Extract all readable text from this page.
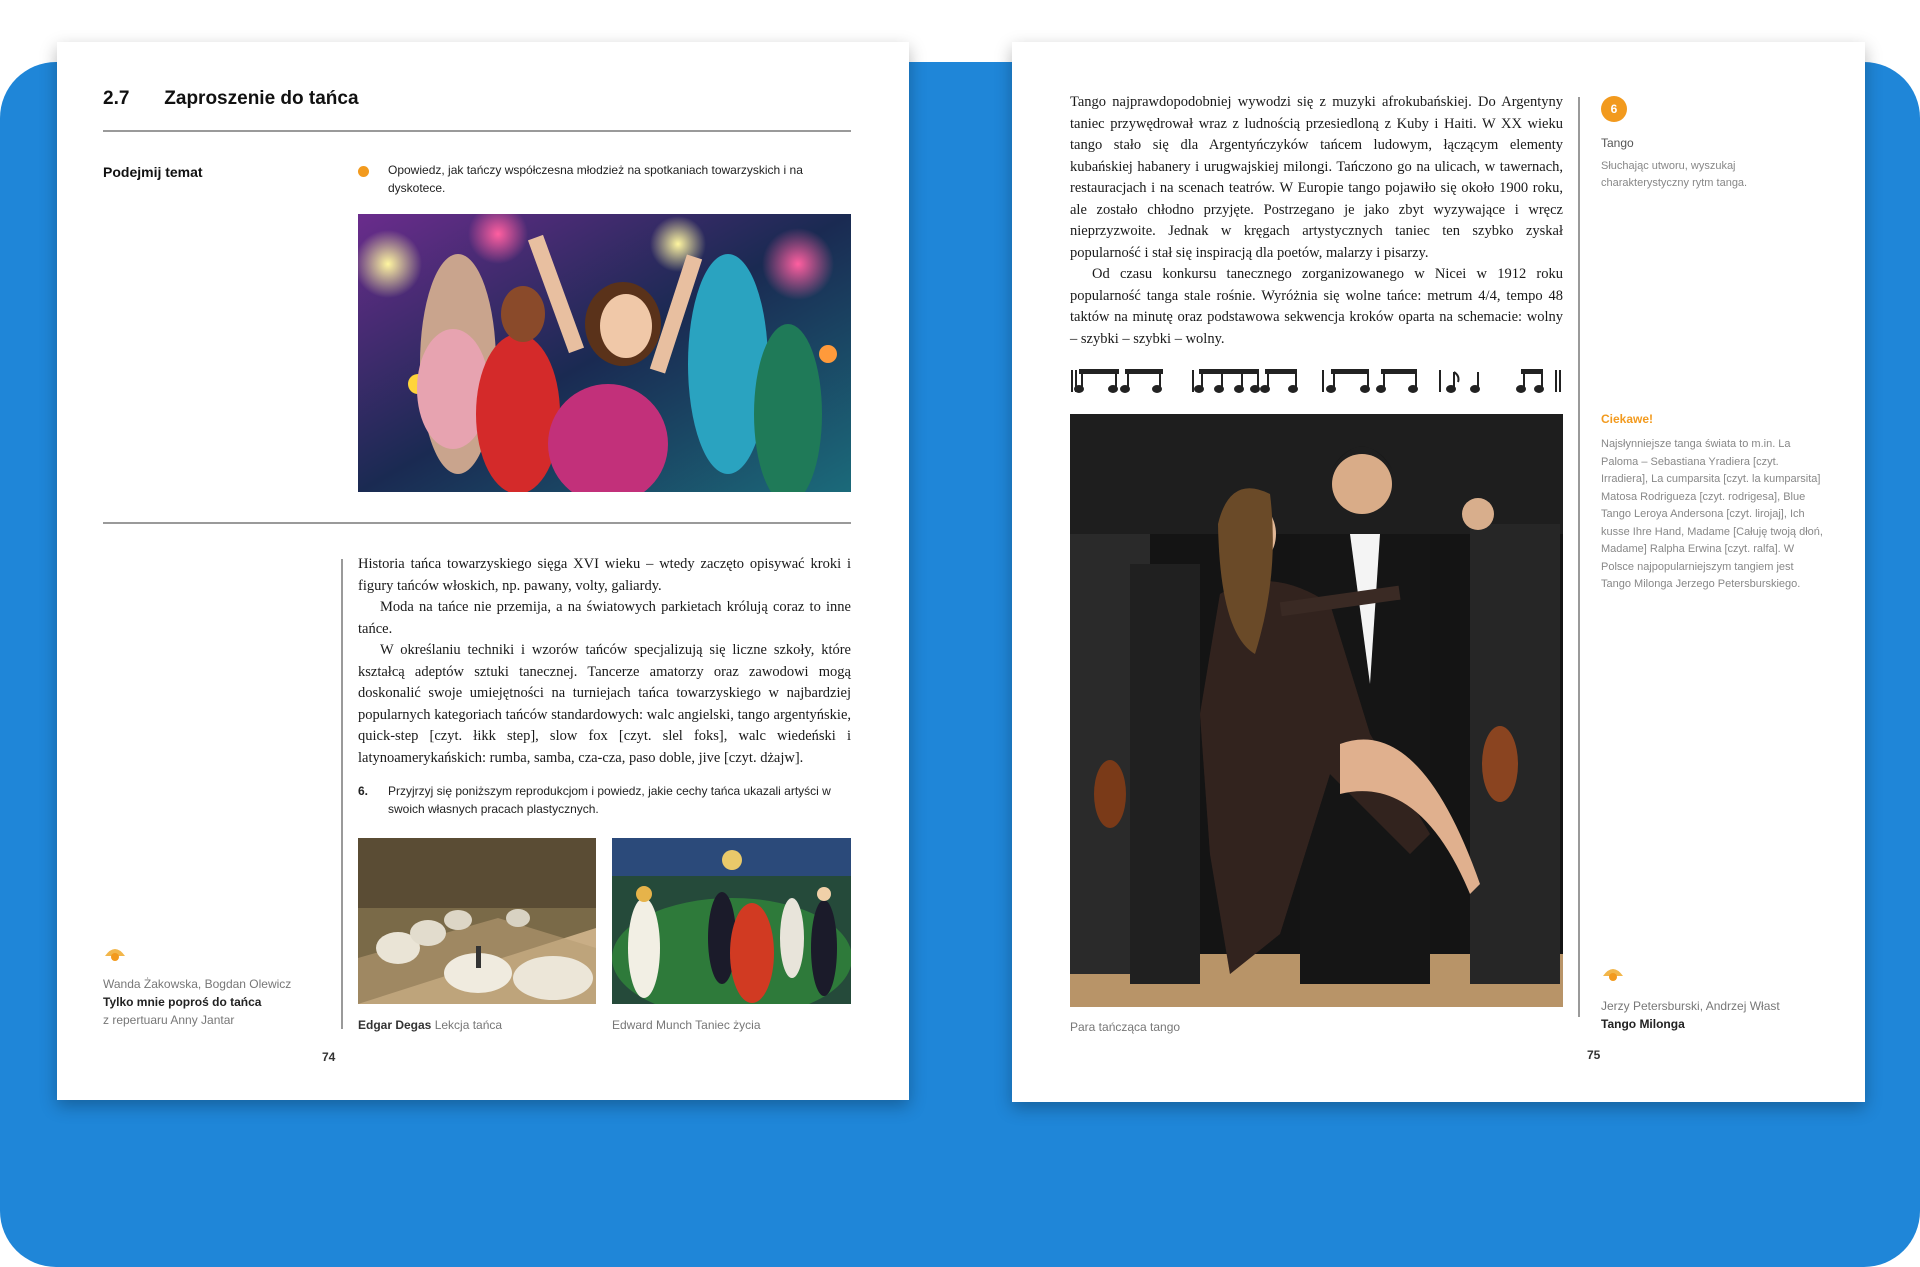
2.7 Zaproszenie do tańca
Podejmij temat	Opowiedz, jak tańczy współczesna młodzież na spotkaniach towarzyskich i na dyskotece.

Historia tańca towarzyskiego sięga XVI wieku – wtedy zaczęto opisywać kroki i figury tańców włoskich, np. pawany, volty, galiardy.

Moda na tańce nie przemija, a na światowych parkietach królują coraz to inne tańce.

W określaniu techniki i wzorów tańców specjalizują się liczne szkoły, które kształcą adeptów sztuki tanecznej. Tancerze amatorzy oraz zawodowi mogą doskonalić swoje umiejętności na turniejach tańca towarzyskiego w najbardziej popularnych kategoriach tańców standardowych: walc angielski, tango argentyńskie, quick-step [czyt. łikk step], slow fox [czyt. slel foks], walc wiedeński i latynoamerykańskich: rumba, samba, cza-cza, paso doble, jive [czyt. dżajw].

6. Przyjrzyj się poniższym reprodukcjom i powiedz, jakie cechy tańca ukazali artyści w swoich własnych pracach plastycznych.
Edgar Degas Lekcja tańca	Edward Munch Taniec życia
Wanda Żakowska, Bogdan Olewicz
Tylko mnie poproś do tańca
z repertuaru Anny Jantar
74

Tango najprawdopodobniej wywodzi się z muzyki afrokubańskiej. Do Argentyny taniec przywędrował wraz z ludnością przesiedloną z Kuby i Haiti. W XX wieku tango stało się dla Argentyńczyków tańcem ludowym, łączącym elementy kubańskiej habanery i urugwajskiej milongi. Tańczono go na ulicach, w tawernach, restauracjach i na scenach teatrów. W Europie tango pojawiło się około 1900 roku, ale zostało chłodno przyjęte. Postrzegano je jako zbyt wyzywające i wręcz nieprzyzwoite. Jednak w kręgach artystycznych taniec ten szybko zyskał popularność i stał się inspiracją dla poetów, malarzy i pisarzy.

Od czasu konkursu tanecznego zorganizowanego w Nicei w 1912 roku popularność tanga stale rośnie. Wyróżnia się wolne tańce: metrum 4/4, tempo 48 taktów na minutę oraz podstawowa sekwencja kroków oparta na schemacie: wolny – szybki – szybki – wolny.

Para tańcząca tango
6
Tango
Słuchając utworu, wyszukaj charakterystyczny rytm tanga.
Ciekawe!
Najsłynniejsze tanga świata to m.in. La Paloma – Sebastiana Yradiera [czyt. Irradiera], La cumparsita [czyt. la kumparsita] Matosa Rodrigueza [czyt. rodrigesa], Blue Tango Leroya Andersona [czyt. lirojaj], Ich kusse Ihre Hand, Madame [Całuję twoją dłoń, Madame] Ralpha Erwina [czyt. ralfa]. W Polsce najpopularniejszym tangiem jest Tango Milonga Jerzego Petersburskiego.
Jerzy Petersburski, Andrzej Włast
Tango Milonga
75
